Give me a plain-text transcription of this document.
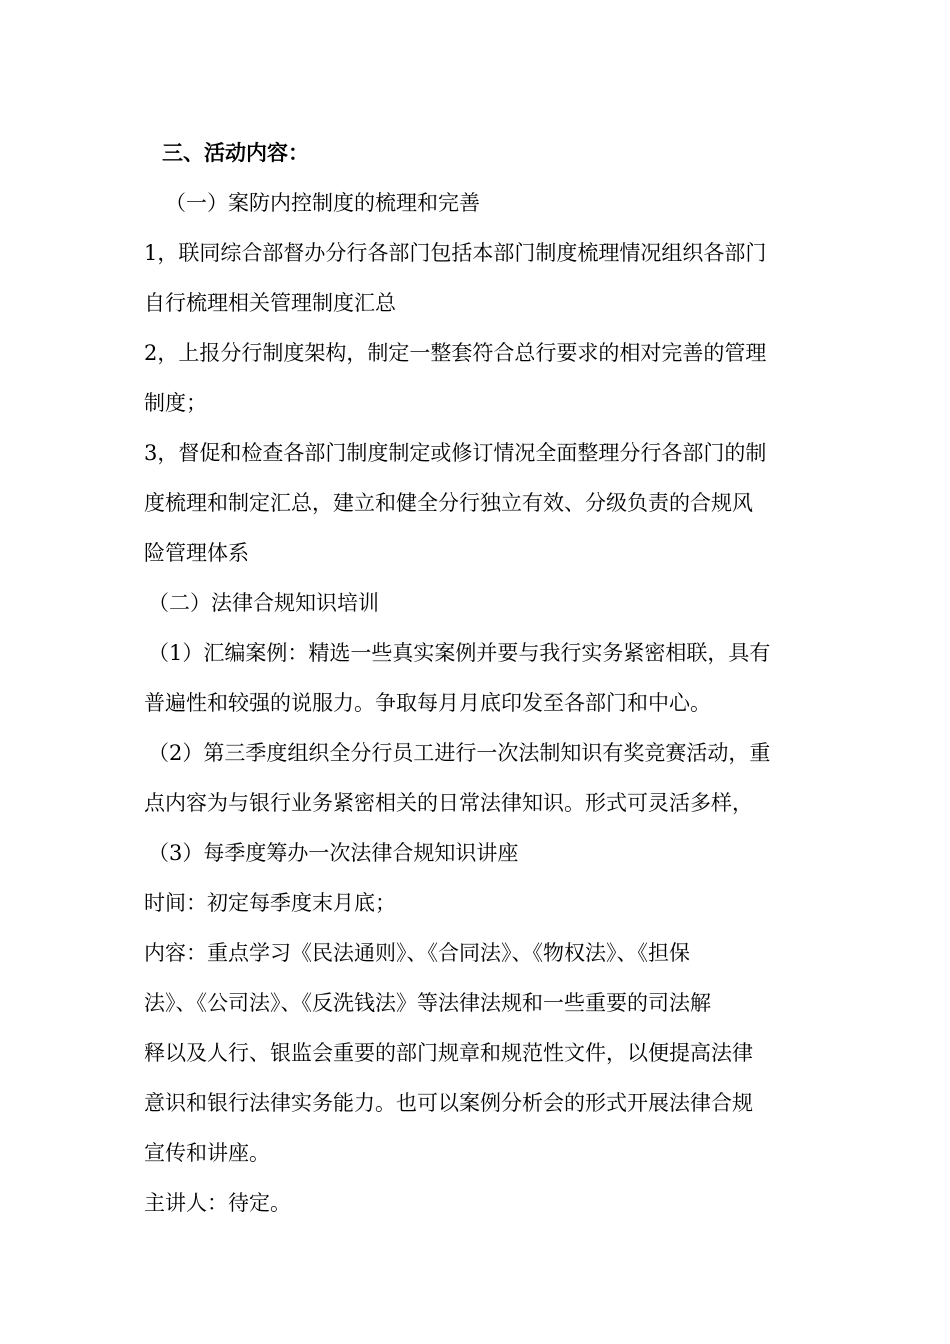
三、活动内容：
（一）案防内控制度的梳理和完善
1，联同综合部督办分行各部门包括本部门制度梳理情况组织各部门
自行梳理相关管理制度汇总
2，上报分行制度架构，制定一整套符合总行要求的相对完善的管理
制度；
3，督促和检查各部门制度制定或修订情况全面整理分行各部门的制
度梳理和制定汇总，建立和健全分行独立有效、分级负责的合规风
险管理体系
（二）法律合规知识培训
（1）汇编案例：精选一些真实案例并要与我行实务紧密相联，具有
普遍性和较强的说服力。争取每月月底印发至各部门和中心。
（2）第三季度组织全分行员工进行一次法制知识有奖竞赛活动，重
点内容为与银行业务紧密相关的日常法律知识。形式可灵活多样，
（3）每季度筹办一次法律合规知识讲座
时间：初定每季度末月底；
内容：重点学习《民法通则》、《合同法》、《物权法》、《担保
法》、《公司法》、《反洗钱法》等法律法规和一些重要的司法解
释以及人行、银监会重要的部门规章和规范性文件，以便提高法律
意识和银行法律实务能力。也可以案例分析会的形式开展法律合规
宣传和讲座。
主讲人：待定。
